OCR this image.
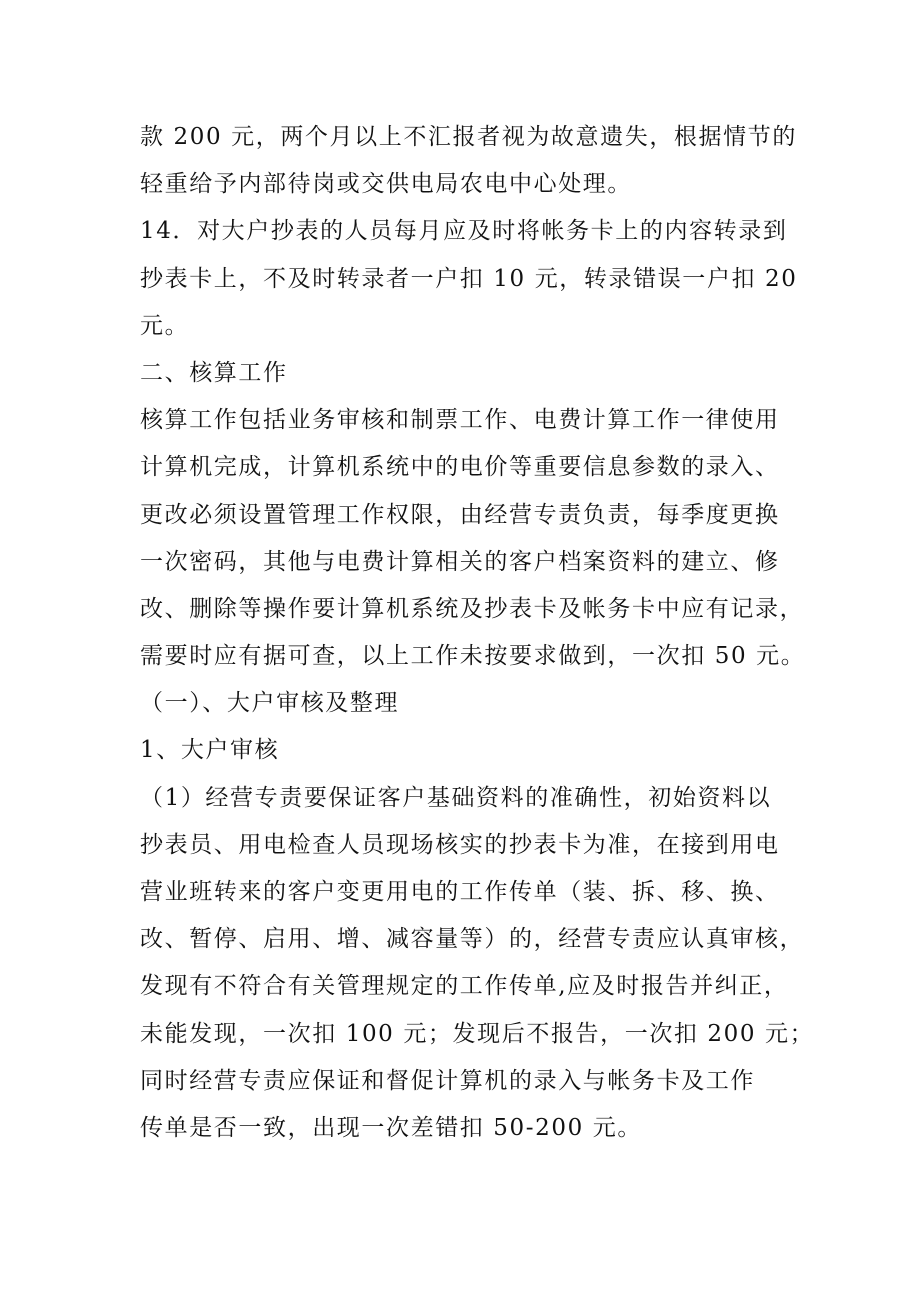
款 200 元，两个月以上不汇报者视为故意遗失，根据情节的
轻重给予内部待岗或交供电局农电中心处理。
14．对大户抄表的人员每月应及时将帐务卡上的内容转录到
抄表卡上，不及时转录者一户扣 10 元，转录错误一户扣 20
元。
二、核算工作
核算工作包括业务审核和制票工作、电费计算工作一律使用
计算机完成，计算机系统中的电价等重要信息参数的录入、
更改必须设置管理工作权限，由经营专责负责，每季度更换
一次密码，其他与电费计算相关的客户档案资料的建立、修
改、删除等操作要计算机系统及抄表卡及帐务卡中应有记录，
需要时应有据可查，以上工作未按要求做到，一次扣 50 元。
（一）、大户审核及整理
1、大户审核
（1）经营专责要保证客户基础资料的准确性，初始资料以
抄表员、用电检查人员现场核实的抄表卡为准，在接到用电
营业班转来的客户变更用电的工作传单（装、拆、移、换、
改、暂停、启用、增、减容量等）的，经营专责应认真审核，
发现有不符合有关管理规定的工作传单,应及时报告并纠正，
未能发现，一次扣 100 元；发现后不报告，一次扣 200 元；
同时经营专责应保证和督促计算机的录入与帐务卡及工作
传单是否一致，出现一次差错扣 50-200 元。
